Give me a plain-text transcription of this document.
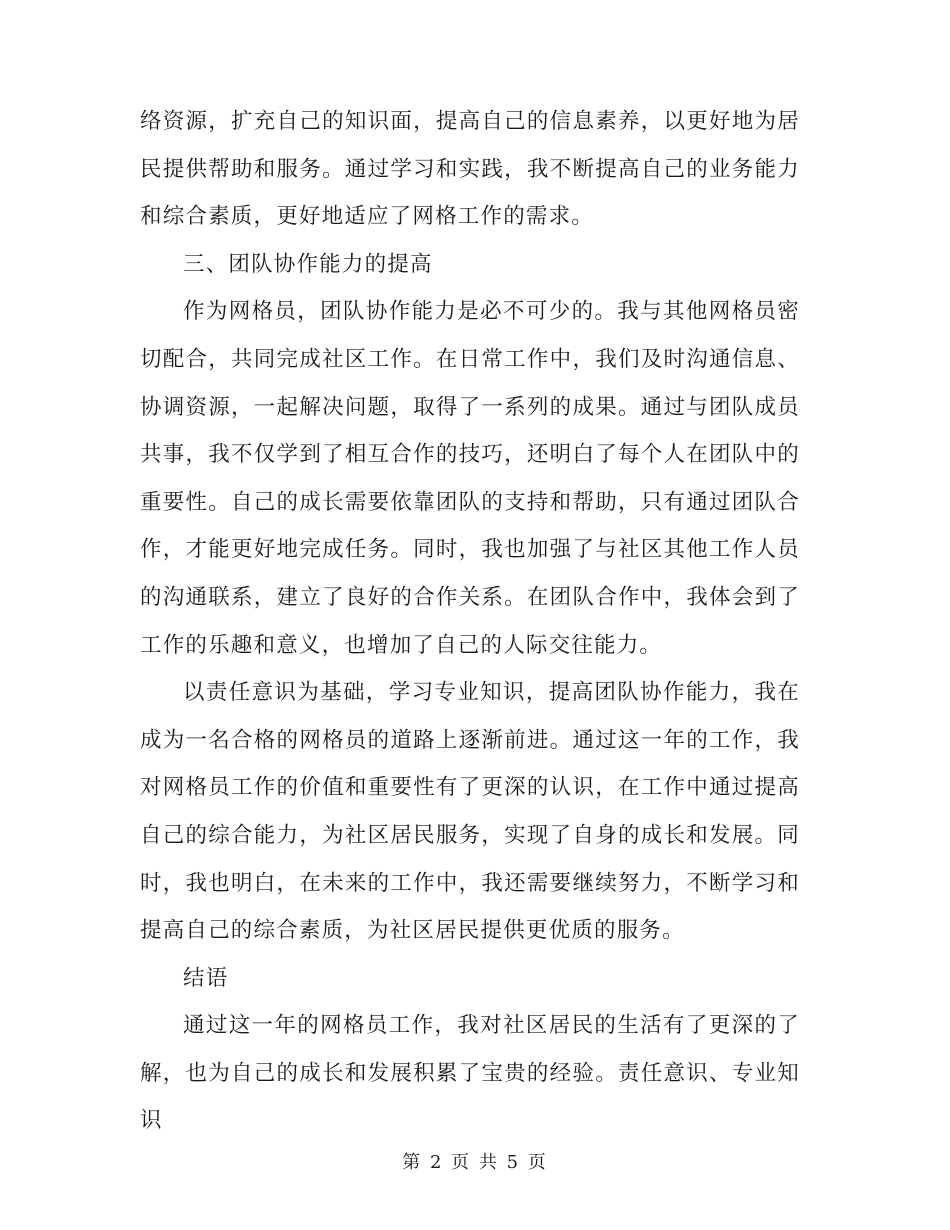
络资源，扩充自己的知识面，提高自己的信息素养，以更好地为居民提供帮助和服务。通过学习和实践，我不断提高自己的业务能力和综合素质，更好地适应了网格工作的需求。

三、团队协作能力的提高

作为网格员，团队协作能力是必不可少的。我与其他网格员密切配合，共同完成社区工作。在日常工作中，我们及时沟通信息、协调资源，一起解决问题，取得了一系列的成果。通过与团队成员共事，我不仅学到了相互合作的技巧，还明白了每个人在团队中的重要性。自己的成长需要依靠团队的支持和帮助，只有通过团队合作，才能更好地完成任务。同时，我也加强了与社区其他工作人员的沟通联系，建立了良好的合作关系。在团队合作中，我体会到了工作的乐趣和意义，也增加了自己的人际交往能力。

以责任意识为基础，学习专业知识，提高团队协作能力，我在成为一名合格的网格员的道路上逐渐前进。通过这一年的工作，我对网格员工作的价值和重要性有了更深的认识，在工作中通过提高自己的综合能力，为社区居民服务，实现了自身的成长和发展。同时，我也明白，在未来的工作中，我还需要继续努力，不断学习和提高自己的综合素质，为社区居民提供更优质的服务。

结语

通过这一年的网格员工作，我对社区居民的生活有了更深的了解，也为自己的成长和发展积累了宝贵的经验。责任意识、专业知识

第 2 页 共 5 页
